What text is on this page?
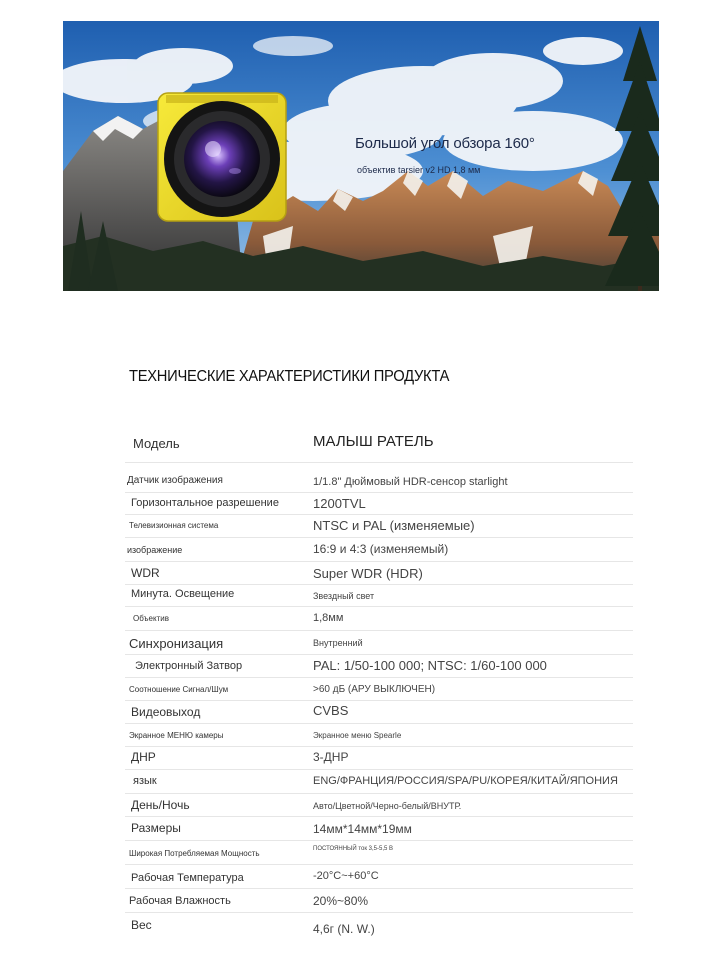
Большой угол обзора 160°
объектив tarsier v2 HD 1,8 мм
ТЕХНИЧЕСКИЕ ХАРАКТЕРИСТИКИ ПРОДУКТА
Модель	МАЛЫШ РАТЕЛЬ
Датчик изображения	1/1.8" Дюймовый HDR-сенсор starlight
Горизонтальное разрешение	1200TVL
Телевизионная система	NTSC и PAL (изменяемые)
изображение	16:9 и 4:3 (изменяемый)
WDR	Super WDR (HDR)
Минута. Освещение	Звездный свет
Объектив	1,8мм
Синхронизация	Внутренний
Электронный Затвор	PAL: 1/50-100 000; NTSC: 1/60-100 000
Соотношение Сигнал/Шум	>60 дБ (АРУ ВЫКЛЮЧЕН)
Видеовыход	CVBS
Экранное МЕНЮ камеры	Экранное меню Spearle
ДНР	3-ДНР
язык	ENG/ФРАНЦИЯ/РОССИЯ/SPA/PU/КОРЕЯ/КИТАЙ/ЯПОНИЯ
День/Ночь	Авто/Цветной/Черно-белый/ВНУТР.
Размеры	14мм*14мм*19мм
Широкая Потребляемая Мощность	ПОСТОЯННЫЙ ток 3,5-5,5 В
Рабочая Температура	-20°C~+60°C
Рабочая Влажность	20%~80%
Вес	4,6г (N. W.)
